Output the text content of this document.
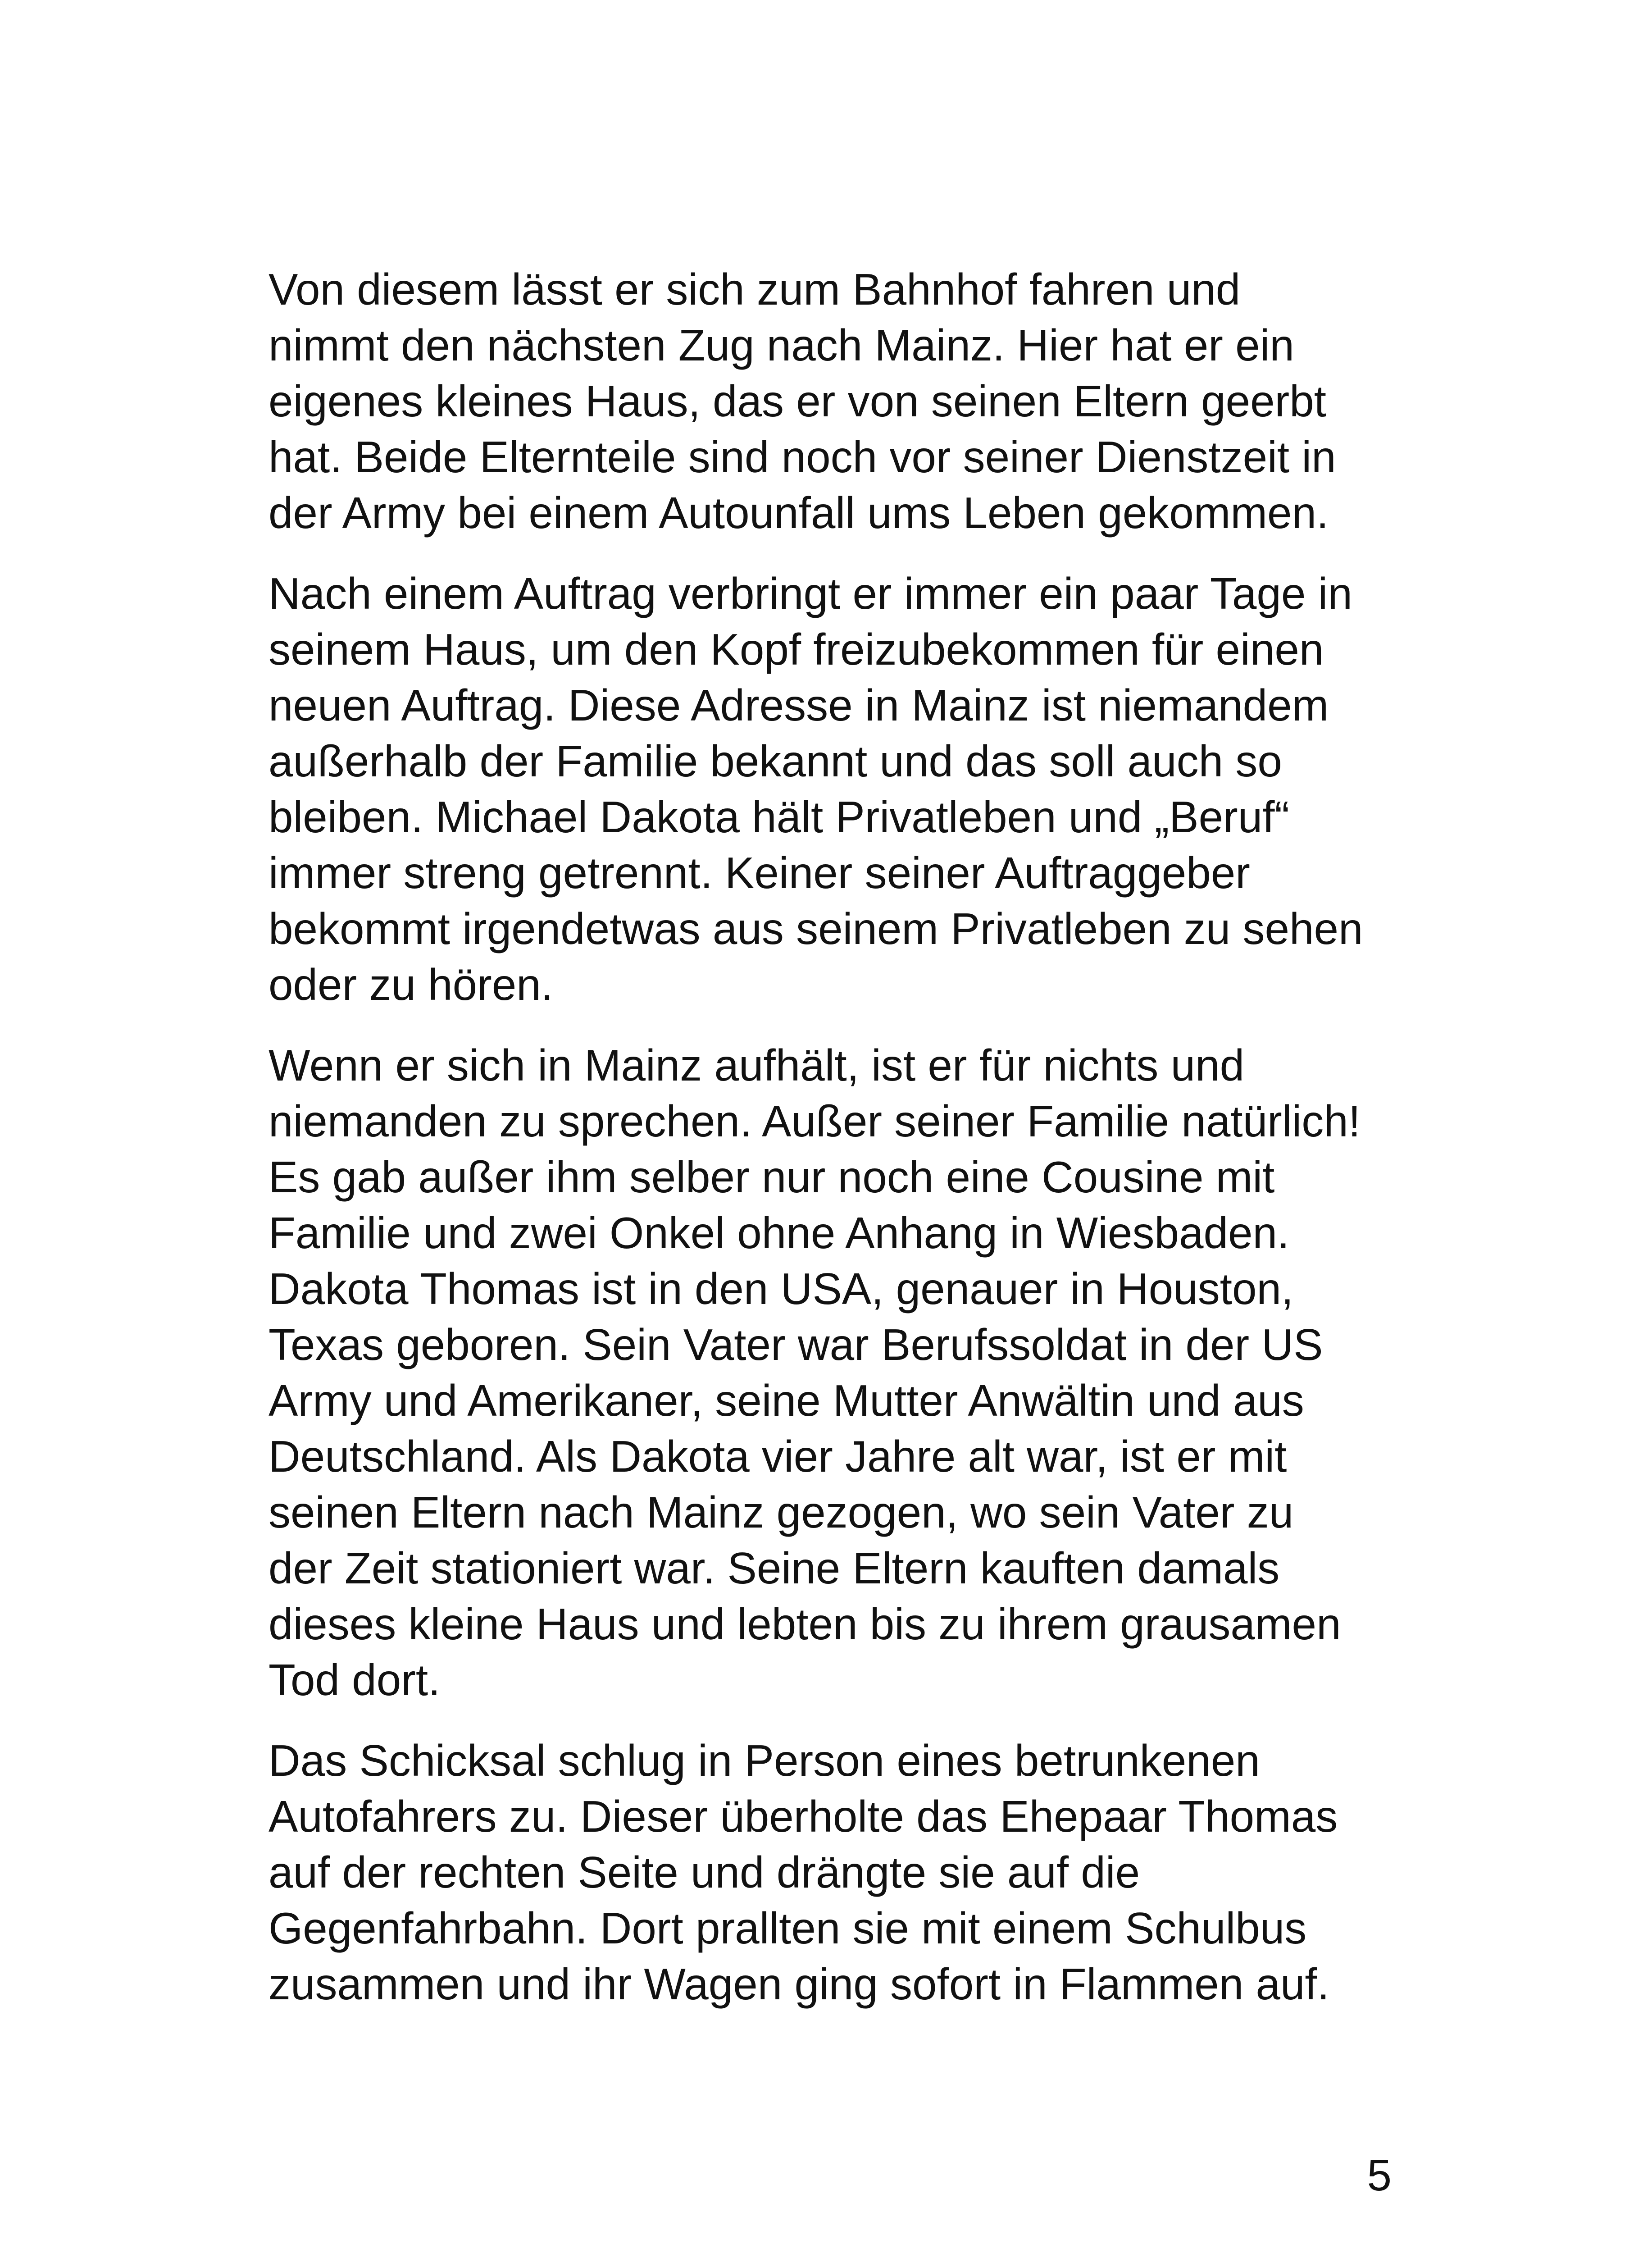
Von diesem lässt er sich zum Bahnhof fahren und
nimmt den nächsten Zug nach Mainz. Hier hat er ein
eigenes kleines Haus, das er von seinen Eltern geerbt
hat. Beide Elternteile sind noch vor seiner Dienstzeit in
der Army bei einem Autounfall ums Leben gekommen.

Nach einem Auftrag verbringt er immer ein paar Tage in
seinem Haus, um den Kopf freizubekommen für einen
neuen Auftrag. Diese Adresse in Mainz ist niemandem
außerhalb der Familie bekannt und das soll auch so
bleiben. Michael Dakota hält Privatleben und „Beruf“
immer streng getrennt. Keiner seiner Auftraggeber
bekommt irgendetwas aus seinem Privatleben zu sehen
oder zu hören.

Wenn er sich in Mainz aufhält, ist er für nichts und
niemanden zu sprechen. Außer seiner Familie natürlich!
Es gab außer ihm selber nur noch eine Cousine mit
Familie und zwei Onkel ohne Anhang in Wiesbaden.
Dakota Thomas ist in den USA, genauer in Houston,
Texas geboren. Sein Vater war Berufssoldat in der US
Army und Amerikaner, seine Mutter Anwältin und aus
Deutschland. Als Dakota vier Jahre alt war, ist er mit
seinen Eltern nach Mainz gezogen, wo sein Vater zu
der Zeit stationiert war. Seine Eltern kauften damals
dieses kleine Haus und lebten bis zu ihrem grausamen
Tod dort.

Das Schicksal schlug in Person eines betrunkenen
Autofahrers zu. Dieser überholte das Ehepaar Thomas
auf der rechten Seite und drängte sie auf die
Gegenfahrbahn. Dort prallten sie mit einem Schulbus
zusammen und ihr Wagen ging sofort in Flammen auf.

5
